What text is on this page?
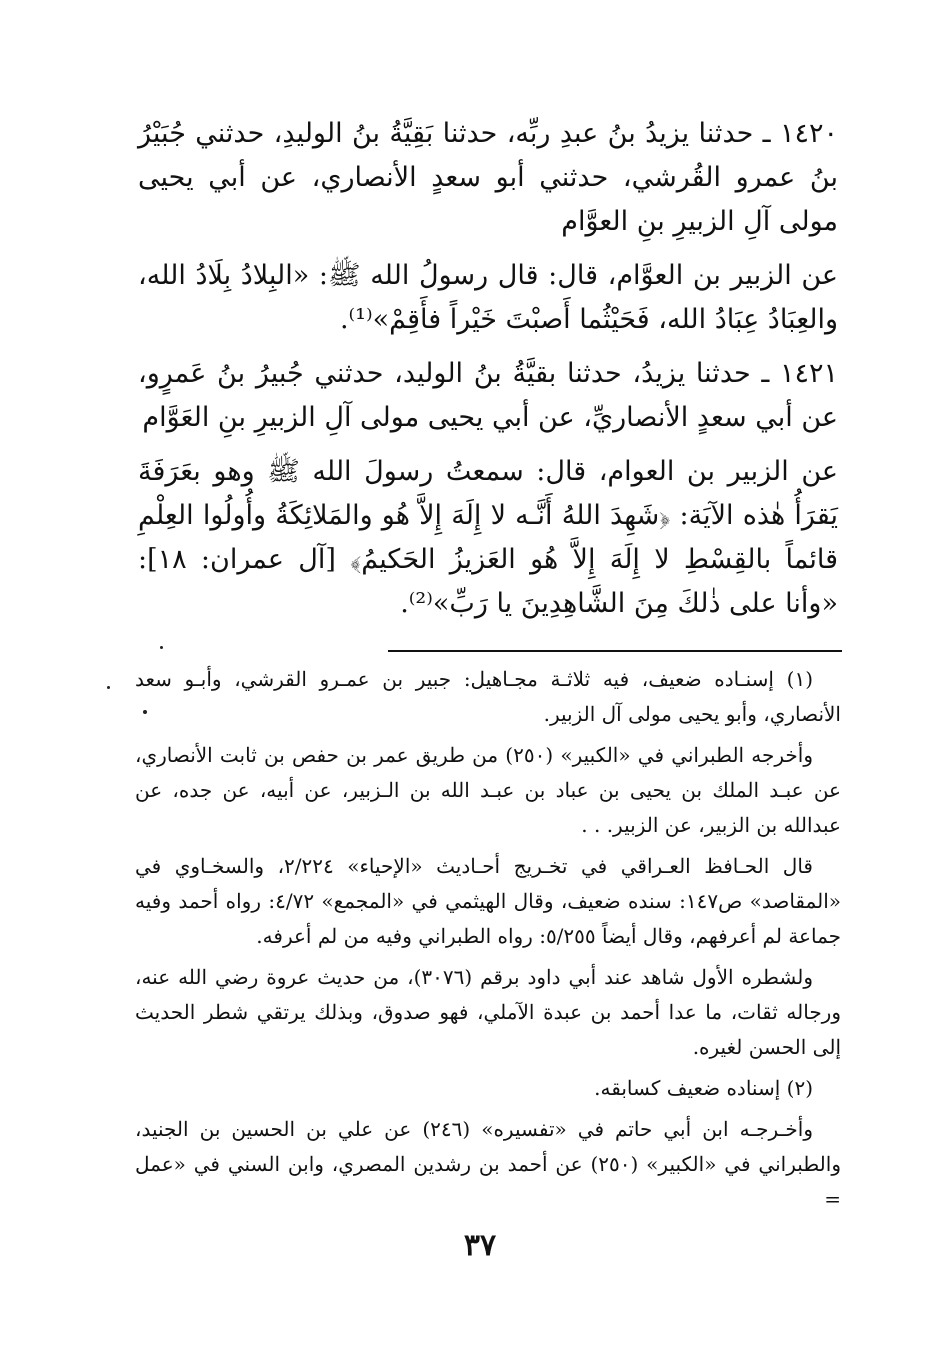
١٤٢٠ ـ حدثنا يزيدُ بنُ عبدِ ربِّه، حدثنا بَقِيَّةُ بنُ الوليدِ، حدثني جُبَيْرُ بنُ عمرو القُرشي، حدثني أبو سعدٍ الأنصاري، عن أبي يحيى مولى آلِ الزبيرِ بنِ العوَّام

عن الزبير بن العوَّام، قال: قال رسولُ الله ﷺ: «البِلادُ بِلَادُ الله، والعِبَادُ عِبَادُ الله، فَحَيْثُما أَصبْتَ خَيْراً فأَقِمْ»⁽¹⁾.

١٤٢١ ـ حدثنا يزيدُ، حدثنا بقيَّةُ بنُ الوليد، حدثني جُبيرُ بنُ عَمرٍو، عن أبي سعدٍ الأنصاريِّ، عن أبي يحيى مولى آلِ الزبيرِ بنِ العَوَّام

عن الزبير بن العوام، قال: سمعتُ رسولَ الله ﷺ وهو بعَرَفَةَ يَقرَأُ هٰذه الآيَة: ﴿شَهِدَ اللهُ أَنَّـه لا إِلَهَ إِلاَّ هُو والمَلائِكَةُ وأُولُوا العِلْمِ قائماً بالقِسْطِ لا إِلَهَ إِلاَّ هُو العَزيزُ الحَكيمُ﴾ [آل عمران: ١٨]: «وأنا على ذٰلكَ مِنَ الشَّاهِدِينَ يا رَبِّ»⁽²⁾.

(١) إسنـاده ضعيف، فيه ثلاثـة مجـاهيل: جبير بن عمـرو القرشي، وأبـو سعد الأنصاري، وأبو يحيى مولى آل الزبير.

وأخرجه الطبراني في «الكبير» (٢٥٠) من طريق عمر بن حفص بن ثابت الأنصاري، عن عبـد الملك بن يحيى بن عباد بن عبـد الله بن الـزبير، عن أبيه، عن جده، عن عبدالله بن الزبير، عن الزبير. . .

قال الحـافظ العـراقي في تخـريج أحـاديث «الإحياء» ٢/٢٢٤، والسخـاوي في «المقاصد» ص١٤٧: سنده ضعيف، وقال الهيثمي في «المجمع» ٤/٧٢: رواه أحمد وفيه جماعة لم أعرفهم، وقال أيضاً ٥/٢٥٥: رواه الطبراني وفيه من لم أعرفه.

ولشطره الأول شاهد عند أبي داود برقم (٣٠٧٦)، من حديث عروة رضي الله عنه، ورجاله ثقات، ما عدا أحمد بن عبدة الآملي، فهو صدوق، وبذلك يرتقي شطر الحديث إلى الحسن لغيره.

(٢) إسناده ضعيف كسابقه.

وأخـرجـه ابن أبي حاتم في «تفسيره» (٢٤٦) عن علي بن الحسين بن الجنيد، والطبراني في «الكبير» (٢٥٠) عن أحمد بن رشدين المصري، وابن السني في «عمل =

٣٧
